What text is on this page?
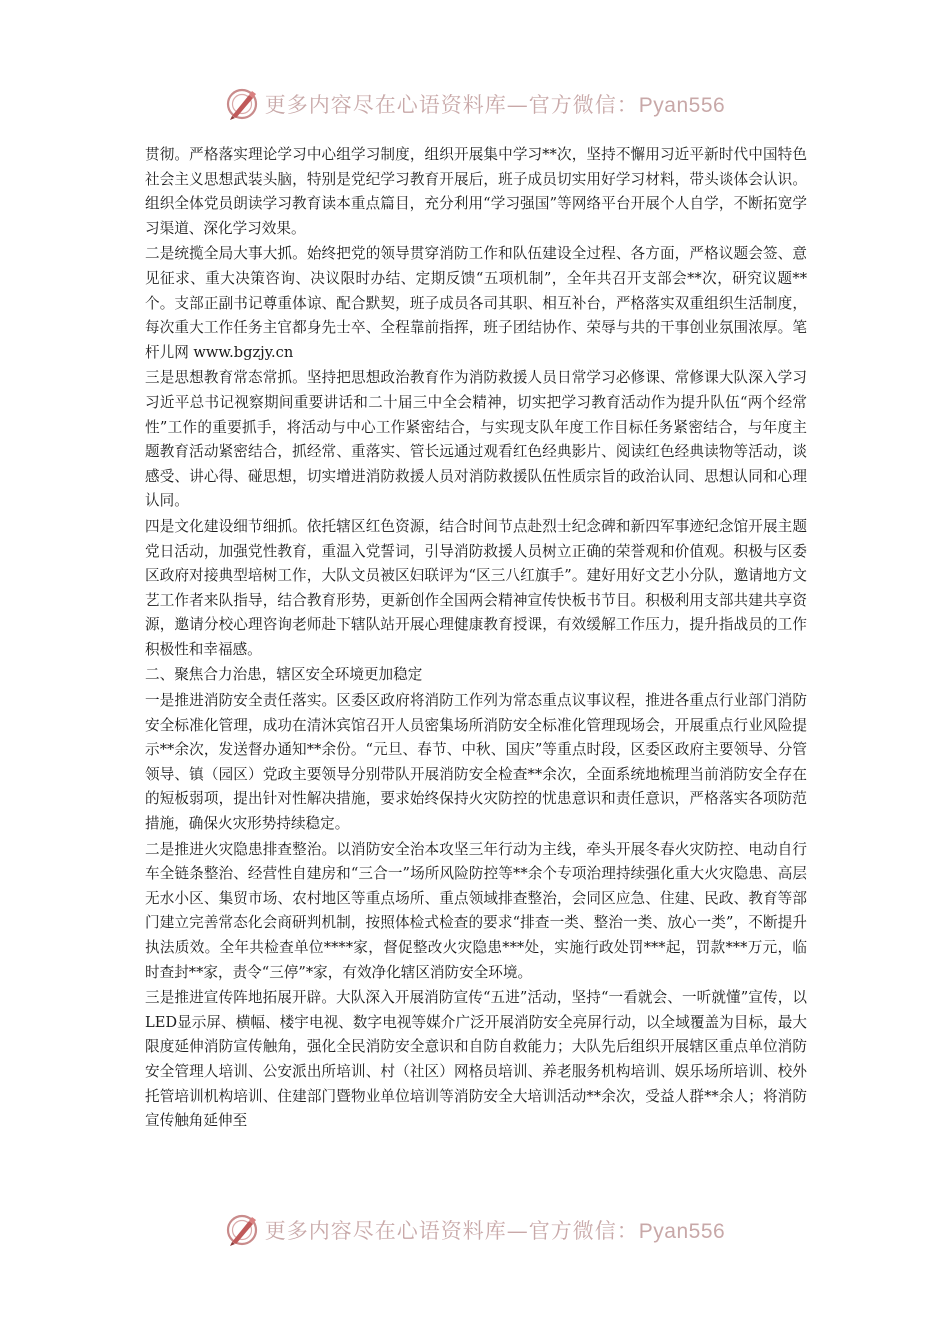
更多内容尽在心语资料库—官方微信：Pyan556

贯彻。严格落实理论学习中心组学习制度，组织开展集中学习**次，坚持不懈用习近平新时代中国特色社会主义思想武装头脑，特别是党纪学习教育开展后，班子成员切实用好学习材料，带头谈体会认识。组织全体党员朗读学习教育读本重点篇目，充分利用“学习强国”等网络平台开展个人自学，不断拓宽学习渠道、深化学习效果。

二是统揽全局大事大抓。始终把党的领导贯穿消防工作和队伍建设全过程、各方面，严格议题会签、意见征求、重大决策咨询、决议限时办结、定期反馈“五项机制”，全年共召开支部会**次，研究议题**个。支部正副书记尊重体谅、配合默契，班子成员各司其职、相互补台，严格落实双重组织生活制度，每次重大工作任务主官都身先士卒、全程靠前指挥，班子团结协作、荣辱与共的干事创业氛围浓厚。笔杆儿网 www.bgzjy.cn

三是思想教育常态常抓。坚持把思想政治教育作为消防救援人员日常学习必修课、常修课大队深入学习习近平总书记视察期间重要讲话和二十届三中全会精神，切实把学习教育活动作为提升队伍“两个经常性”工作的重要抓手，将活动与中心工作紧密结合，与实现支队年度工作目标任务紧密结合，与年度主题教育活动紧密结合，抓经常、重落实、管长远通过观看红色经典影片、阅读红色经典读物等活动，谈感受、讲心得、碰思想，切实增进消防救援人员对消防救援队伍性质宗旨的政治认同、思想认同和心理认同。

四是文化建设细节细抓。依托辖区红色资源，结合时间节点赴烈士纪念碑和新四军事迹纪念馆开展主题党日活动，加强党性教育，重温入党誓词，引导消防救援人员树立正确的荣誉观和价值观。积极与区委区政府对接典型培树工作，大队文员被区妇联评为“区三八红旗手”。建好用好文艺小分队，邀请地方文艺工作者来队指导，结合教育形势，更新创作全国两会精神宣传快板书节目。积极利用支部共建共享资源，邀请分校心理咨询老师赴下辖队站开展心理健康教育授课，有效缓解工作压力，提升指战员的工作积极性和幸福感。

二、聚焦合力治患，辖区安全环境更加稳定

一是推进消防安全责任落实。区委区政府将消防工作列为常态重点议事议程，推进各重点行业部门消防安全标准化管理，成功在清沐宾馆召开人员密集场所消防安全标准化管理现场会，开展重点行业风险提示**余次，发送督办通知**余份。“元旦、春节、中秋、国庆”等重点时段，区委区政府主要领导、分管领导、镇（园区）党政主要领导分别带队开展消防安全检查**余次，全面系统地梳理当前消防安全存在的短板弱项，提出针对性解决措施，要求始终保持火灾防控的忧患意识和责任意识，严格落实各项防范措施，确保火灾形势持续稳定。

二是推进火灾隐患排查整治。以消防安全治本攻坚三年行动为主线，牵头开展冬春火灾防控、电动自行车全链条整治、经营性自建房和“三合一”场所风险防控等**余个专项治理持续强化重大火灾隐患、高层无水小区、集贸市场、农村地区等重点场所、重点领域排查整治，会同区应急、住建、民政、教育等部门建立完善常态化会商研判机制，按照体检式检查的要求“排查一类、整治一类、放心一类”，不断提升执法质效。全年共检查单位****家，督促整改火灾隐患***处，实施行政处罚***起，罚款***万元，临时查封**家，责令“三停”*家，有效净化辖区消防安全环境。

三是推进宣传阵地拓展开辟。大队深入开展消防宣传“五进”活动，坚持“一看就会、一听就懂”宣传，以LED显示屏、横幅、楼宇电视、数字电视等媒介广泛开展消防安全亮屏行动，以全域覆盖为目标，最大限度延伸消防宣传触角，强化全民消防安全意识和自防自救能力；大队先后组织开展辖区重点单位消防安全管理人培训、公安派出所培训、村（社区）网格员培训、养老服务机构培训、娱乐场所培训、校外托管培训机构培训、住建部门暨物业单位培训等消防安全大培训活动**余次，受益人群**余人；将消防宣传触角延伸至

更多内容尽在心语资料库—官方微信：Pyan556
